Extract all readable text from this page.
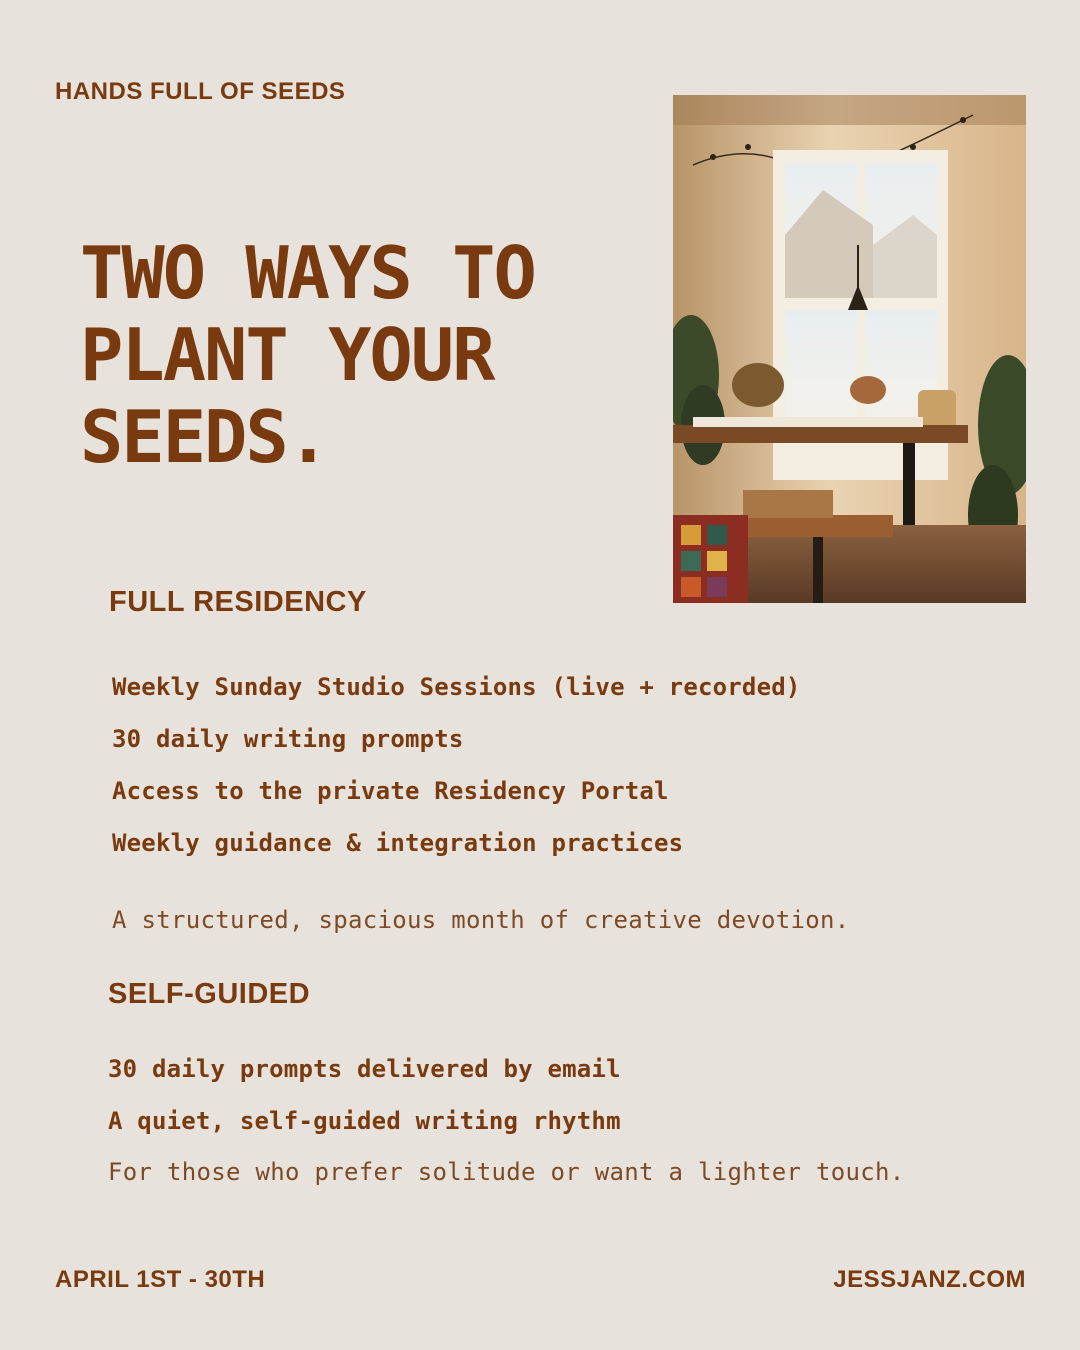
HANDS FULL OF SEEDS
TWO WAYS TO
PLANT YOUR
SEEDS.
FULL RESIDENCY
Weekly Sunday Studio Sessions (live + recorded)
30 daily writing prompts
Access to the private Residency Portal
Weekly guidance & integration practices
A structured, spacious month of creative devotion.
SELF-GUIDED
30 daily prompts delivered by email
A quiet, self-guided writing rhythm
For those who prefer solitude or want a lighter touch.
APRIL 1ST - 30TH	JESSJANZ.COM
